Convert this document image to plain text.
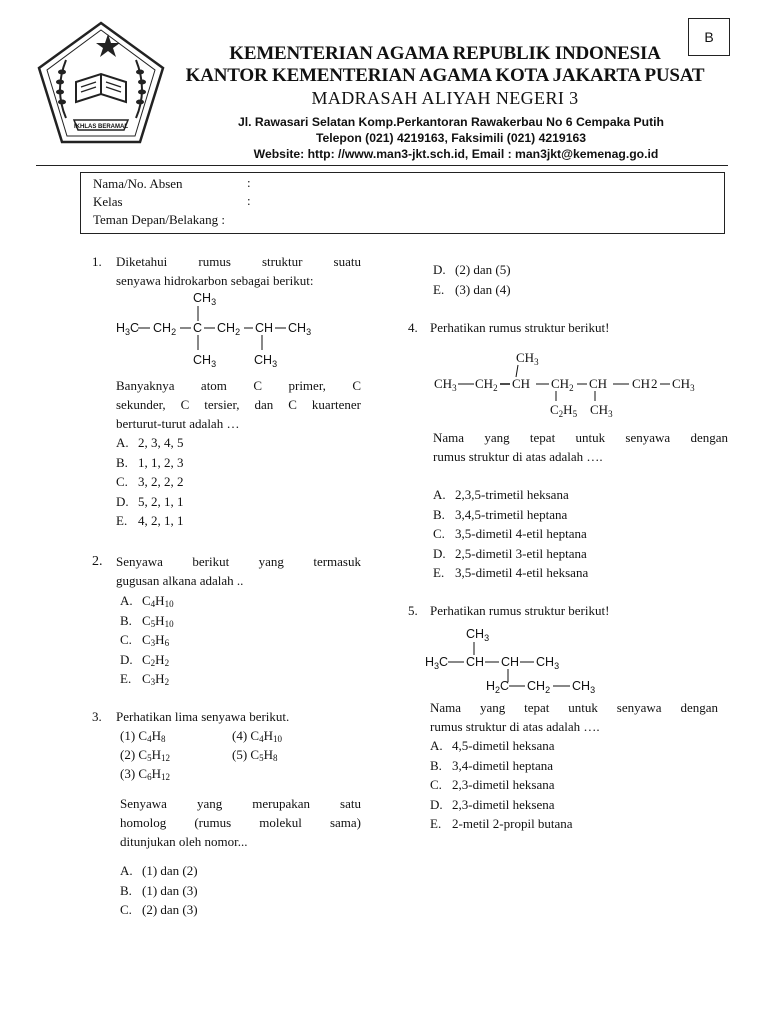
B
IKHLAS BERAMAL
KEMENTERIAN AGAMA REPUBLIK INDONESIA
KANTOR KEMENTERIAN AGAMA KOTA JAKARTA PUSAT
MADRASAH ALIYAH NEGERI 3
Jl. Rawasari Selatan Komp.Perkantoran Rawakerbau No 6 Cempaka Putih
Telepon (021) 4219163, Faksimili (021) 4219163
Website: http: //www.man3-jkt.sch.id, Email : man3jkt@kemenag.go.id
Nama/No. Absen	:
Kelas	:
Teman Depan/Belakang :
1. Diketahui rumus struktur suatu
senyawa hidrokarbon sebagai berikut:
$CH_3$
$H_3C$ $CH_2$ C $CH_2$ CH $CH_3$
$CH_3$	$CH_3$
Banyaknya atom C primer, C
sekunder, C tersier, dan C kuartener
berturut-turut adalah …
A. 2, 3, 4, 5
B. 1, 1, 2, 3
C. 3, 2, 2, 2
D. 5, 2, 1, 1
E. 4, 2, 1, 1
2. Senyawa berikut yang termasuk
gugusan alkana adalah ..
A. $C_4H_{10}$
B. $C_5H_{10}$
C. $C_3H_6$
D. $C_2H_2$
E. $C_3H_2$
3. Perhatikan lima senyawa berikut.
(1) $C_4H_8$	(4) $C_4H_{10}$
(2) $C_5H_{12}$	(5) $C_5H_8$
(3) $C_6H_{12}$
Senyawa yang merupakan satu
homolog (rumus molekul sama)
ditunjukan oleh nomor...
A. (1) dan (2)
B. (1) dan (3)
C. (2) dan (3)
D. (2) dan (5)
E. (3) dan (4)
4. Perhatikan rumus struktur berikut!
$CH_3$
$CH_3$ $CH_2$ CH $CH_2$ CH CH 2 $CH_3$
$C_2H_5$ $CH_3$
Nama yang tepat untuk senyawa dengan
rumus struktur di atas adalah ….
A. 2,3,5-trimetil heksana
B. 3,4,5-trimetil heptana
C. 3,5-dimetil 4-etil heptana
D. 2,5-dimetil 3-etil heptana
E. 3,5-dimetil 4-etil heksana
5. Perhatikan rumus struktur berikut!
$CH_3$
$H_3C$ CH CH $CH_3$
$H_2C$ $CH_2$ $CH_3$
Nama yang tepat untuk senyawa dengan
rumus struktur di atas adalah ….
A. 4,5-dimetil heksana
B. 3,4-dimetil heptana
C. 2,3-dimetil heksana
D. 2,3-dimetil heksena
E. 2-metil 2-propil butana
